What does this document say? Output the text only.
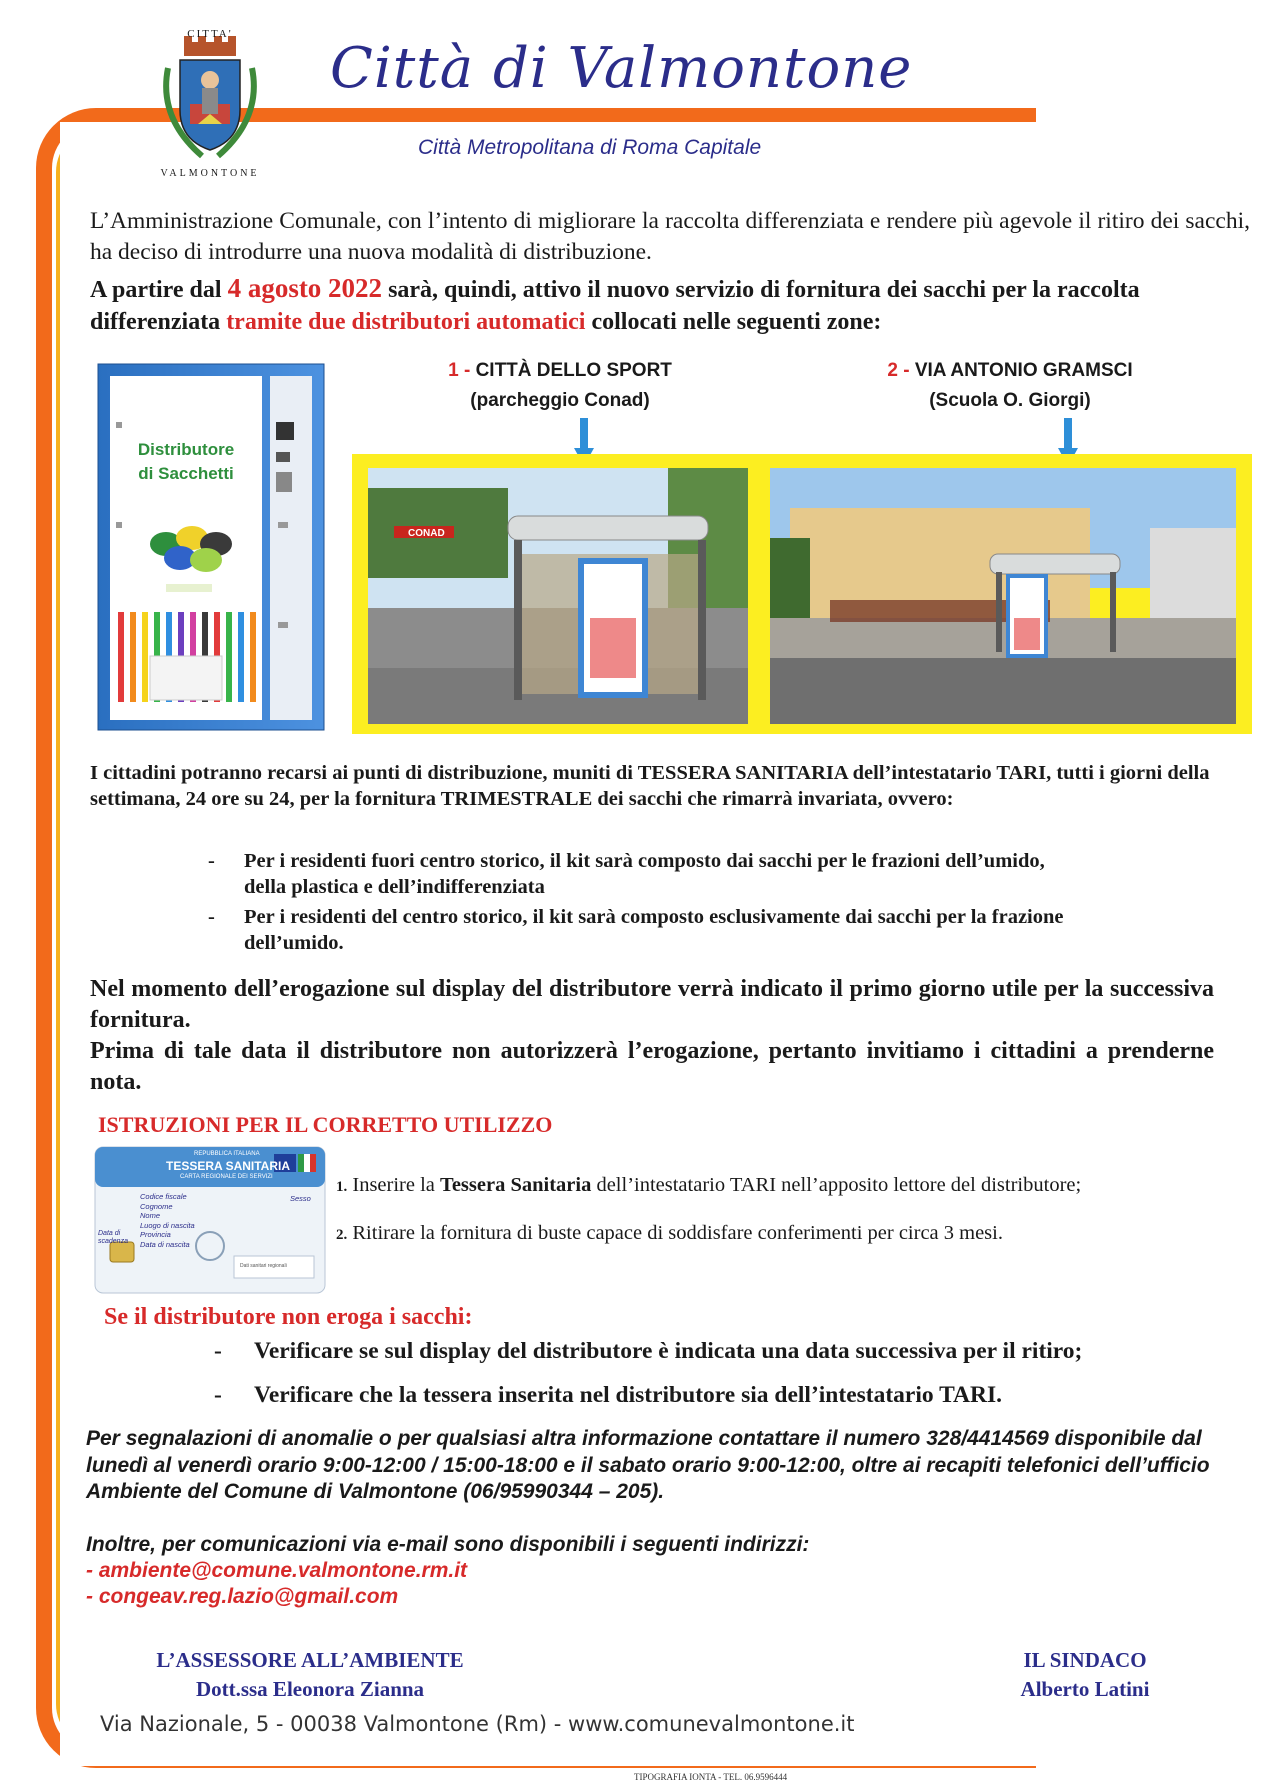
CITTA'
VALMONTONE
Città di Valmontone
Città Metropolitana di Roma Capitale
L’Amministrazione Comunale, con l’intento di migliorare la raccolta differenziata e rendere più agevole il ritiro dei sacchi, ha deciso di introdurre una nuova modalità di distribuzione.
A partire dal 4 agosto 2022 sarà, quindi, attivo il nuovo servizio di fornitura dei sacchi per la raccolta differenziata tramite due distributori automatici collocati nelle seguenti zone:
Distributore
di Sacchetti
1 - CITTÀ DELLO SPORT
(parcheggio Conad)
2 - VIA ANTONIO GRAMSCI
(Scuola O. Giorgi)
CONAD
I cittadini potranno recarsi ai punti di distribuzione, muniti di TESSERA SANITARIA dell’intestatario TARI, tutti i giorni della settimana, 24 ore su 24, per la fornitura TRIMESTRALE dei sacchi che rimarrà invariata, ovvero:
- Per i residenti fuori centro storico, il kit sarà composto dai sacchi per le frazioni dell’umido,
della plastica e dell’indifferenziata
- Per i residenti del centro storico, il kit sarà composto esclusivamente dai sacchi per la frazione
dell’umido.
Nel momento dell’erogazione sul display del distributore verrà indicato il primo giorno utile per la successiva fornitura.
Prima di tale data il distributore non autorizzerà l’erogazione, pertanto invitiamo i cittadini a prenderne nota.
ISTRUZIONI PER IL CORRETTO UTILIZZO
REPUBBLICA ITALIANA
TESSERA SANITARIA
CARTA REGIONALE DEI SERVIZI
Codice fiscale
Cognome
Nome
Luogo di nascita
Provincia
Data di nascita
Sesso
Data di scadenza
Dati sanitari regionali
1. Inserire la Tessera Sanitaria dell’intestatario TARI nell’apposito lettore del distributore;
2. Ritirare la fornitura di buste capace di soddisfare conferimenti per circa 3 mesi.
Se il distributore non eroga i sacchi:
- Verificare se sul display del distributore è indicata una data successiva per il ritiro;
- Verificare che la tessera inserita nel distributore sia dell’intestatario TARI.
Per segnalazioni di anomalie o per qualsiasi altra informazione contattare il numero 328/4414569 disponibile dal lunedì al venerdì orario 9:00-12:00 / 15:00-18:00 e il sabato orario 9:00-12:00, oltre ai recapiti telefonici dell’ufficio Ambiente del Comune di Valmontone (06/95990344 – 205).
Inoltre, per comunicazioni via e-mail sono disponibili i seguenti indirizzi:
- ambiente@comune.valmontone.rm.it
- congeav.reg.lazio@gmail.com
L’ASSESSORE ALL’AMBIENTE
Dott.ssa Eleonora Zianna
IL SINDACO
Alberto Latini
Via Nazionale, 5 - 00038 Valmontone (Rm) - www.comunevalmontone.it
TIPOGRAFIA IONTA - TEL. 06.9596444
